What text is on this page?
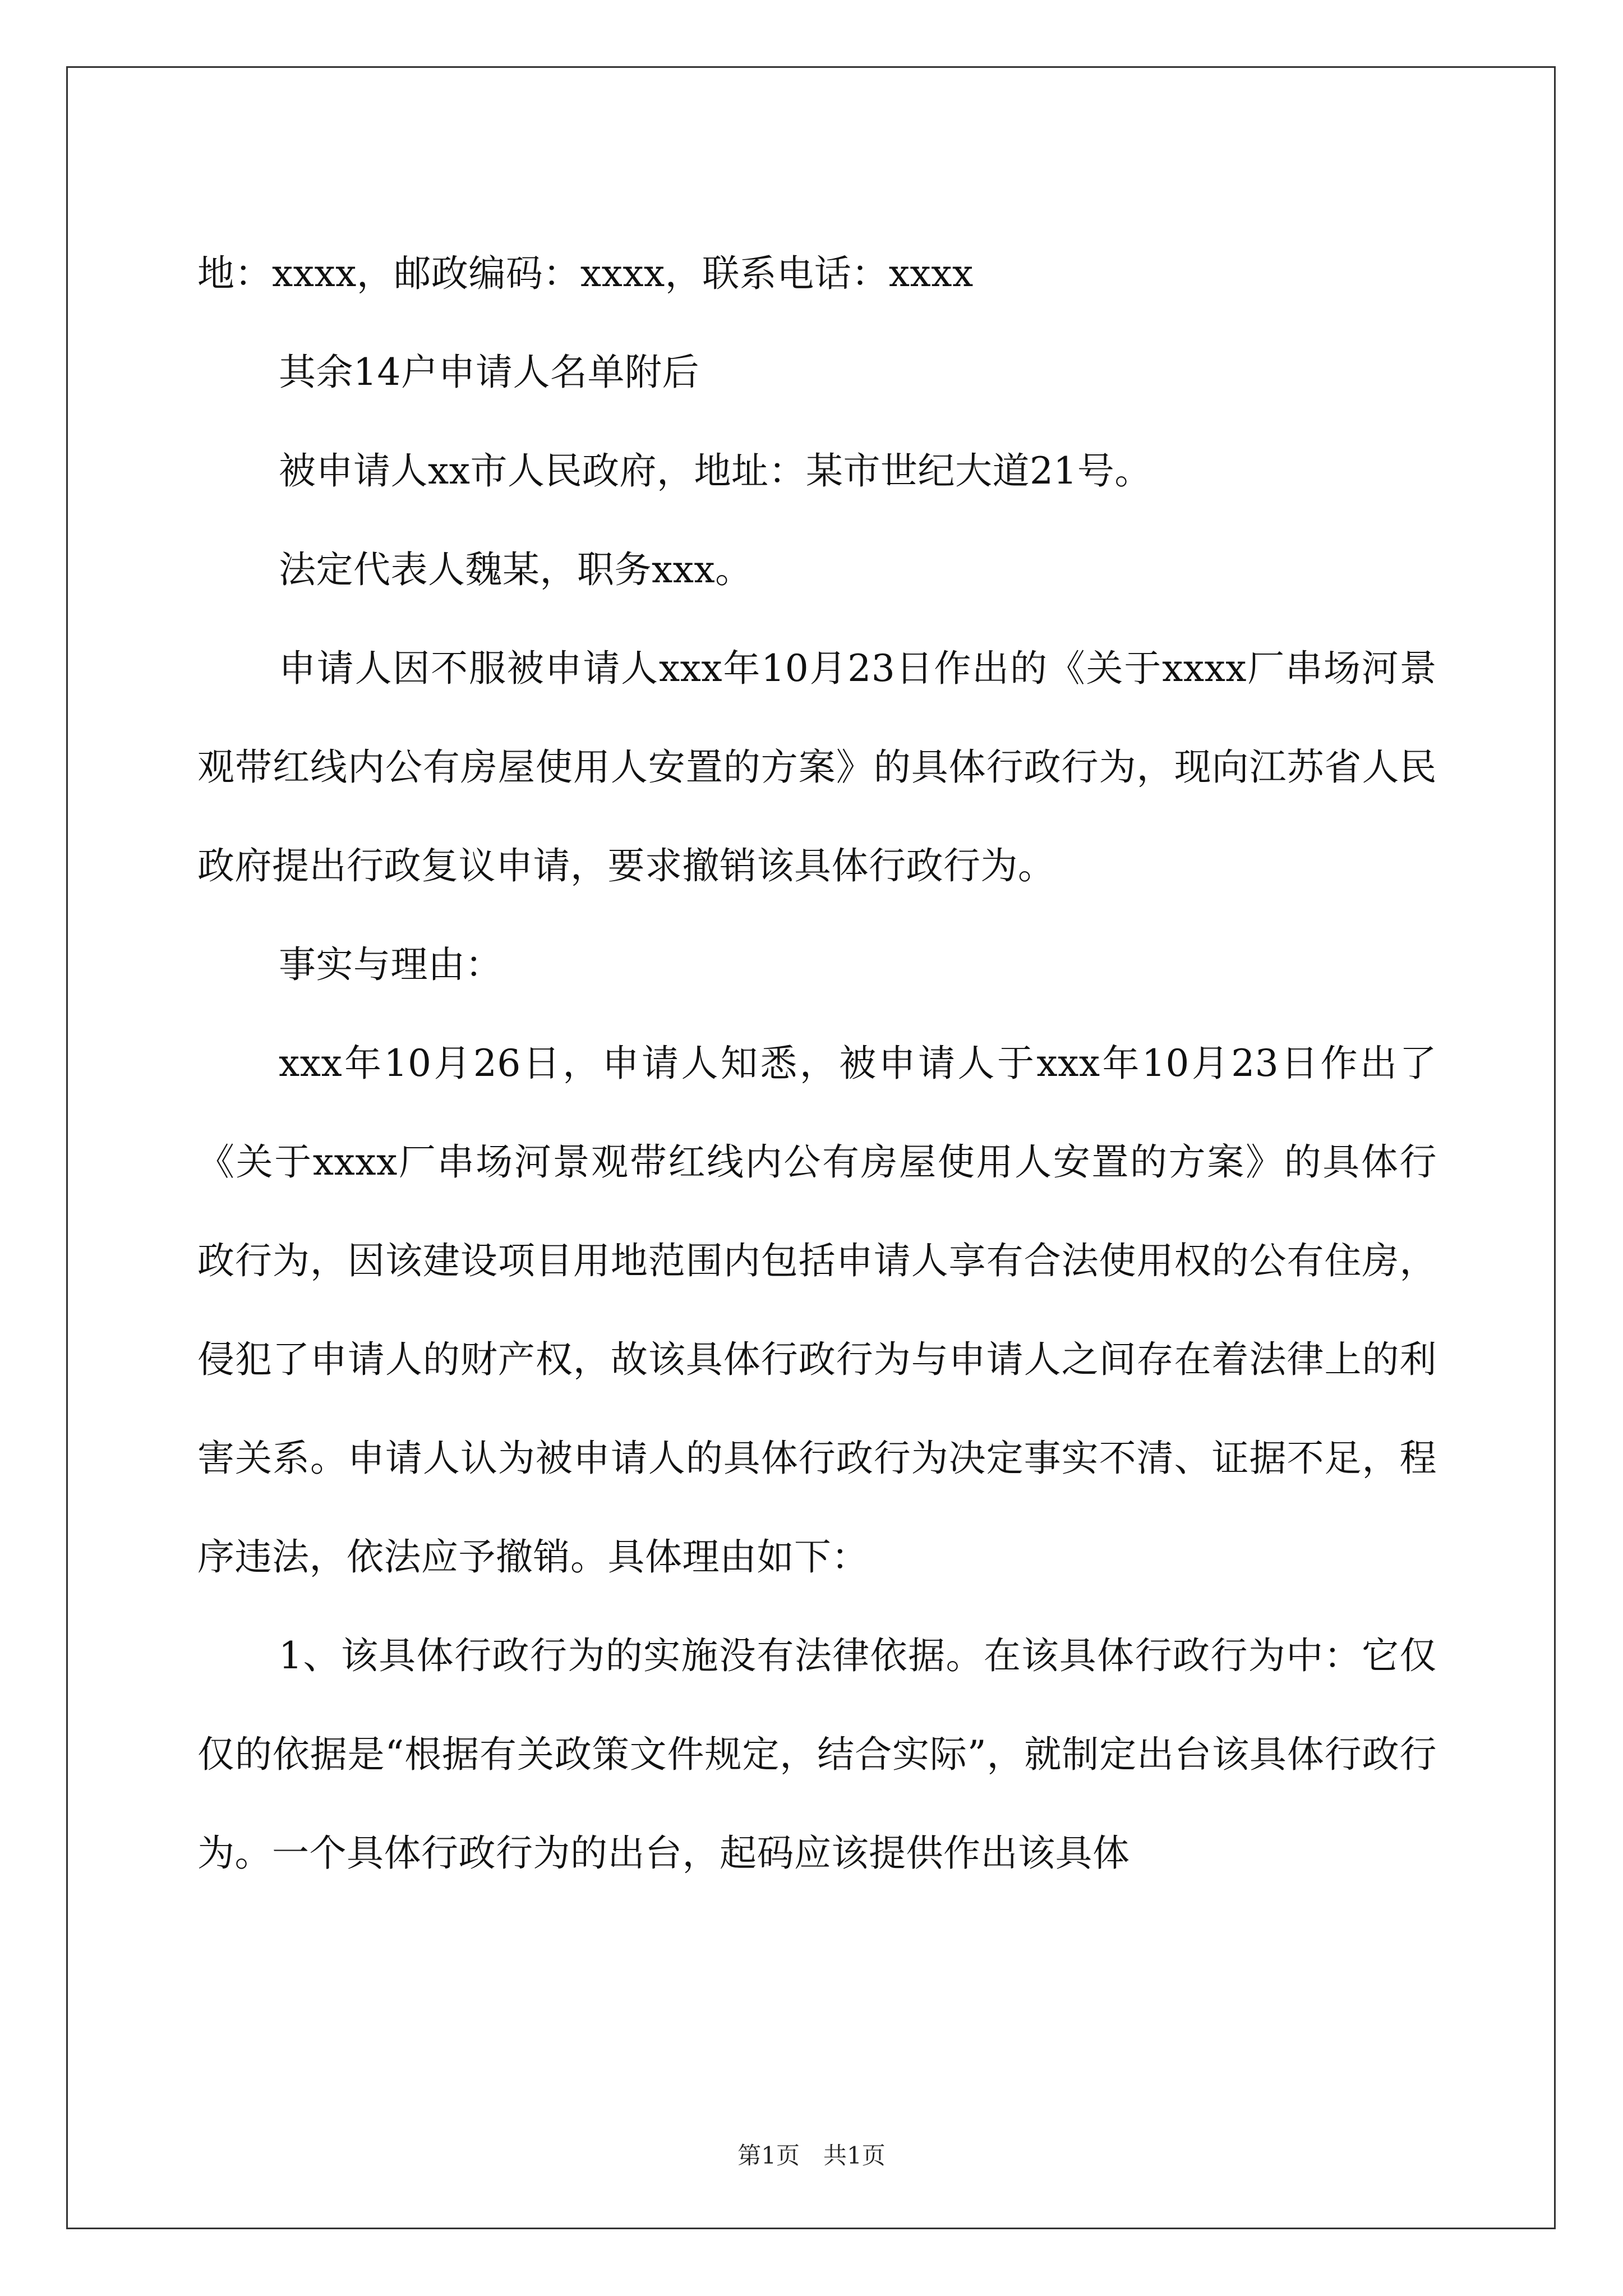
地：xxxx，邮政编码：xxxx，联系电话：xxxx

其余14户申请人名单附后

被申请人xx市人民政府，地址：某市世纪大道21号。

法定代表人魏某，职务xxx。

申请人因不服被申请人xxx年10月23日作出的《关于xxxx厂串场河景观带红线内公有房屋使用人安置的方案》的具体行政行为，现向江苏省人民政府提出行政复议申请，要求撤销该具体行政行为。

事实与理由：

xxx年10月26日，申请人知悉，被申请人于xxx年10月23日作出了《关于xxxx厂串场河景观带红线内公有房屋使用人安置的方案》的具体行政行为，因该建设项目用地范围内包括申请人享有合法使用权的公有住房，侵犯了申请人的财产权，故该具体行政行为与申请人之间存在着法律上的利害关系。申请人认为被申请人的具体行政行为决定事实不清、证据不足，程序违法，依法应予撤销。具体理由如下：

1、该具体行政行为的实施没有法律依据。在该具体行政行为中：它仅仅的依据是“根据有关政策文件规定，结合实际”，就制定出台该具体行政行为。一个具体行政行为的出台，起码应该提供作出该具体

第1页　共1页
